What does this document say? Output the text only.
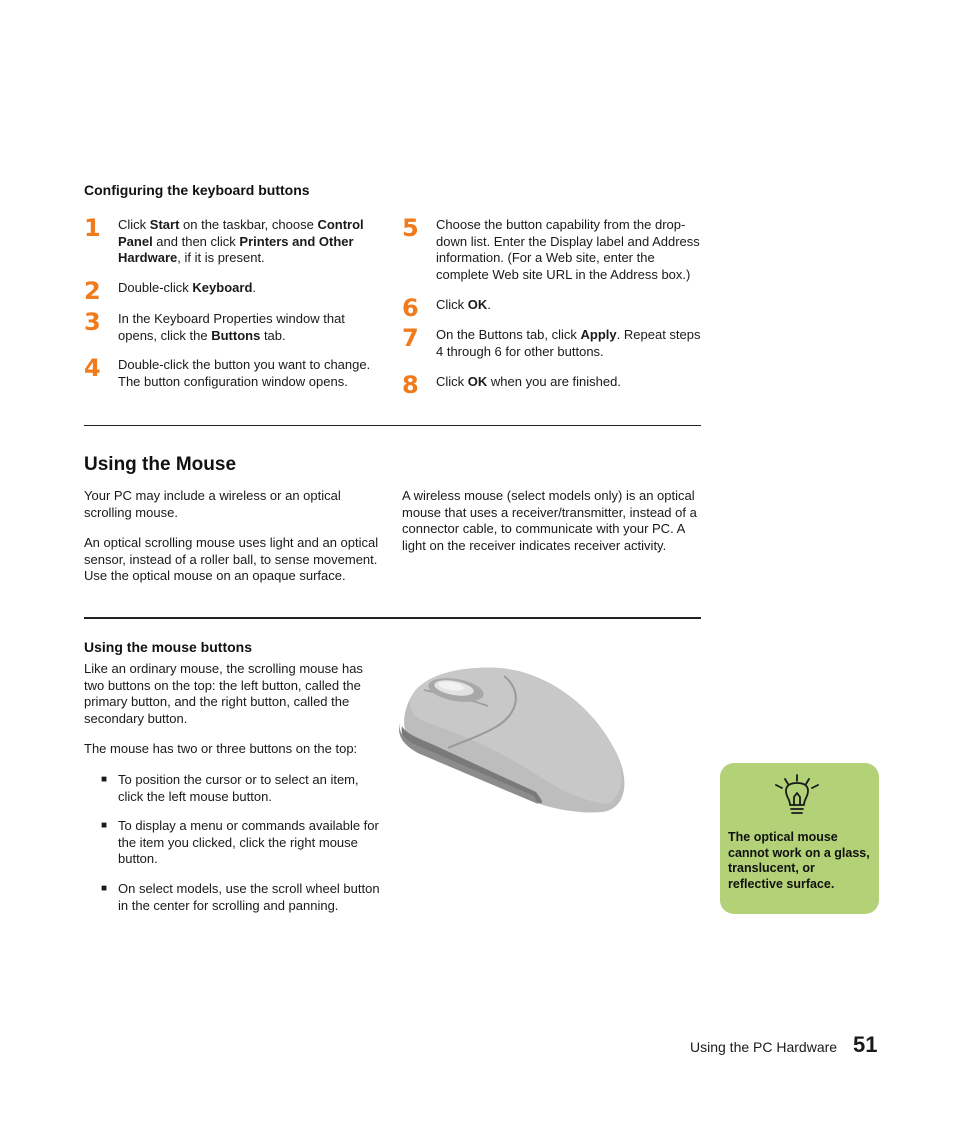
Configuring the keyboard buttons
1	Click Start on the taskbar, choose Control Panel and then click Printers and Other Hardware, if it is present.
2	Double-click Keyboard.
3	In the Keyboard Properties window that opens, click the Buttons tab.
4	Double-click the button you want to change. The button configuration window opens.
5	Choose the button capability from the drop-down list. Enter the Display label and Address information. (For a Web site, enter the complete Web site URL in the Address box.)
6	Click OK.
7	On the Buttons tab, click Apply. Repeat steps 4 through 6 for other buttons.
8	Click OK when you are finished.
Using the Mouse
Your PC may include a wireless or an optical scrolling mouse.
An optical scrolling mouse uses light and an optical sensor, instead of a roller ball, to sense movement. Use the optical mouse on an opaque surface.
A wireless mouse (select models only) is an optical mouse that uses a receiver/transmitter, instead of a connector cable, to communicate with your PC. A light on the receiver indicates receiver activity.
Using the mouse buttons
Like an ordinary mouse, the scrolling mouse has two buttons on the top: the left button, called the primary button, and the right button, called the secondary button.
The mouse has two or three buttons on the top:
■ To position the cursor or to select an item, click the left mouse button.
■ To display a menu or commands available for the item you clicked, click the right mouse button.
■ On select models, use the scroll wheel button in the center for scrolling and panning.
The optical mouse cannot work on a glass, translucent, or reflective surface.
Using the PC Hardware 51
